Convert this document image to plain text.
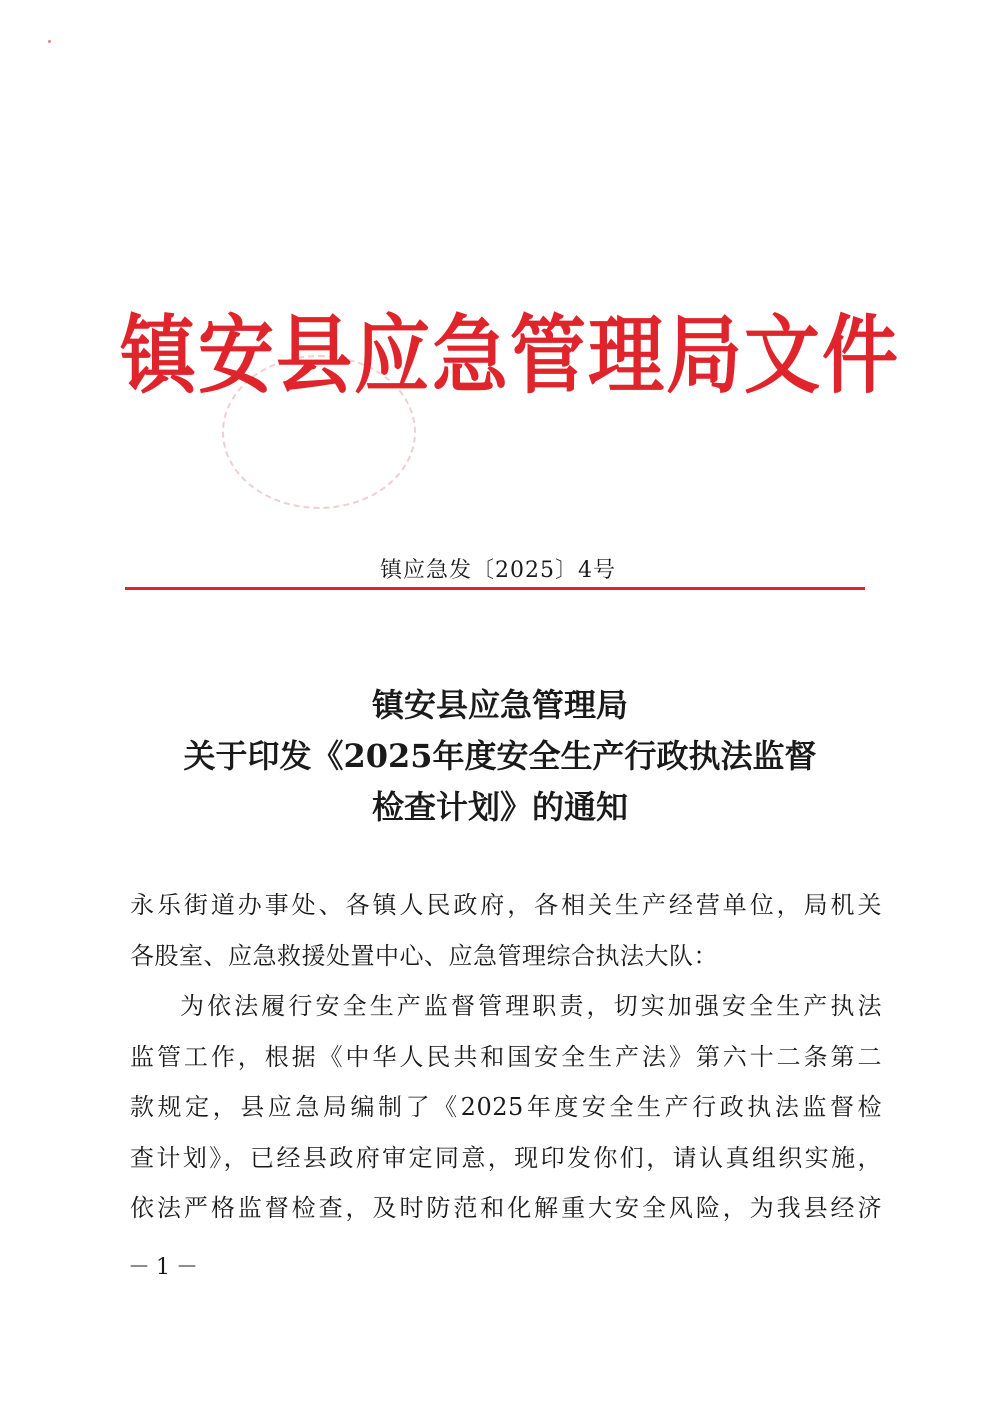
镇安县应急管理局文件
镇应急发〔2025〕4号
镇安县应急管理局
关于印发《2025年度安全生产行政执法监督
检查计划》的通知
永乐街道办事处、各镇人民政府，各相关生产经营单位，局机关
各股室、应急救援处置中心、应急管理综合执法大队：
为依法履行安全生产监督管理职责，切实加强安全生产执法
监管工作，根据《中华人民共和国安全生产法》第六十二条第二
款规定，县应急局编制了《2025年度安全生产行政执法监督检
查计划》，已经县政府审定同意，现印发你们，请认真组织实施，
依法严格监督检查，及时防范和化解重大安全风险，为我县经济
－1－
